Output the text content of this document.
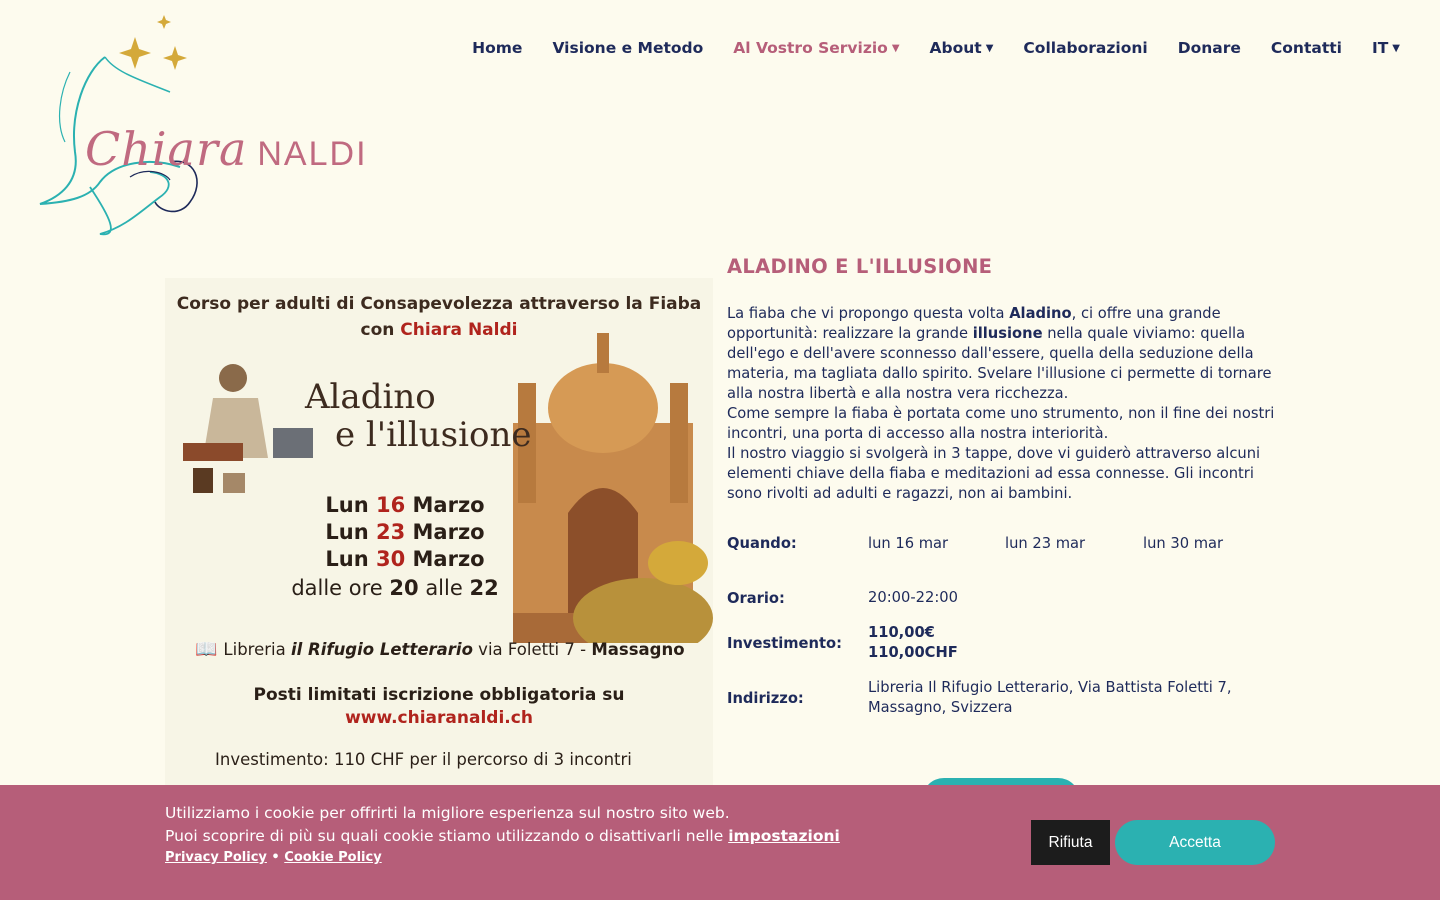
Chiara NALDI
Home Visione e Metodo Al Vostro Servizio ▼ About ▼ Collaborazioni Donare Contatti IT ▼
Corso per adulti di Consapevolezza attraverso la Fiaba
con Chiara Naldi
Aladino
e l'illusione
Lun 16 Marzo
Lun 23 Marzo
Lun 30 Marzo
dalle ore 20 alle 22
📖 Libreria il Rifugio Letterario via Foletti 7 - Massagno
Posti limitati iscrizione obbligatoria su
www.chiaranaldi.ch
Investimento: 110 CHF per il percorso di 3 incontri
ALADINO E L'ILLUSIONE
La fiaba che vi propongo questa volta Aladino, ci offre una grande opportunità: realizzare la grande illusione nella quale viviamo: quella dell'ego e dell'avere sconnesso dall'essere, quella della seduzione della materia, ma tagliata dallo spirito. Svelare l'illusione ci permette di tornare alla nostra libertà e alla nostra vera ricchezza.
Come sempre la fiaba è portata come uno strumento, non il fine dei nostri incontri, una porta di accesso alla nostra interiorità.
Il nostro viaggio si svolgerà in 3 tappe, dove vi guiderò attraverso alcuni elementi chiave della fiaba e meditazioni ad essa connesse. Gli incontri sono rivolti ad adulti e ragazzi, non ai bambini.
Quando:	lun 16 mar	lun 23 mar	lun 30 mar
Orario:	20:00-22:00
Investimento:
110,00€
110,00CHF
Indirizzo:
Libreria Il Rifugio Letterario, Via Battista Foletti 7, Massagno, Svizzera
Utilizziamo i cookie per offrirti la migliore esperienza sul nostro sito web.
Puoi scoprire di più su quali cookie stiamo utilizzando o disattivarli nelle impostazioni
Privacy Policy • Cookie Policy
Rifiuta	Accetta
